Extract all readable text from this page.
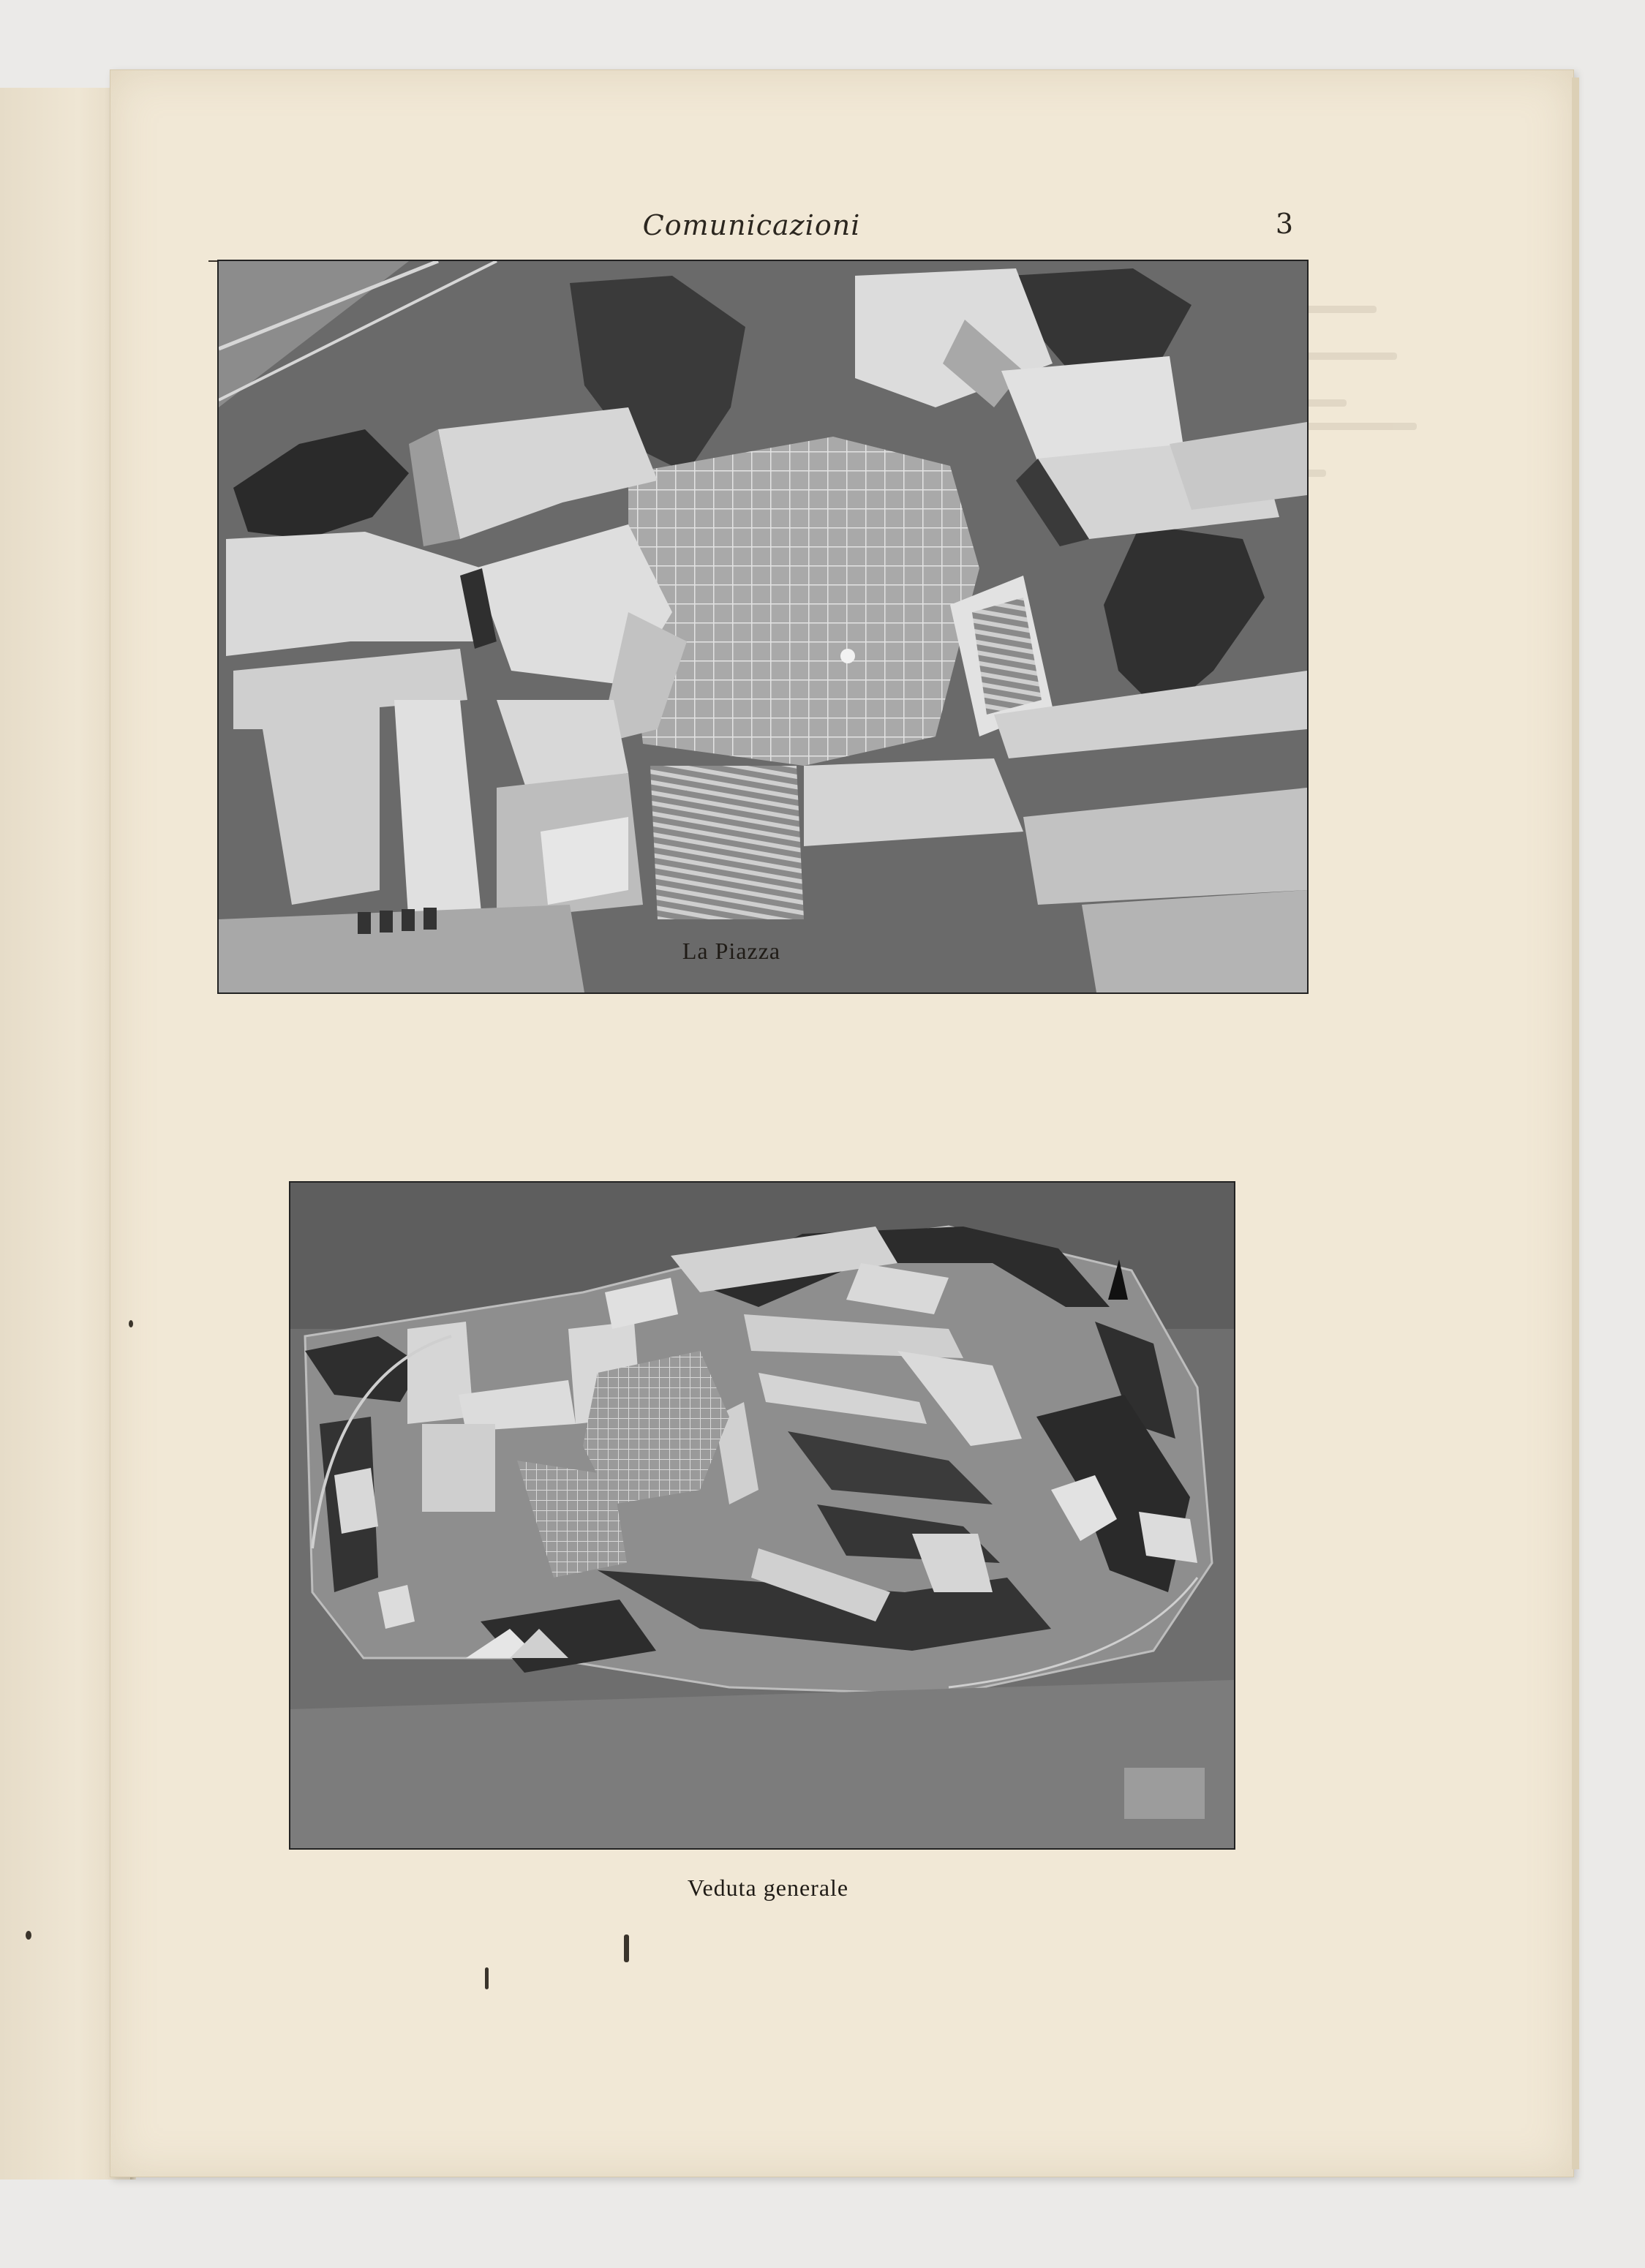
Comunicazioni	3
La Piazza
Veduta generale
